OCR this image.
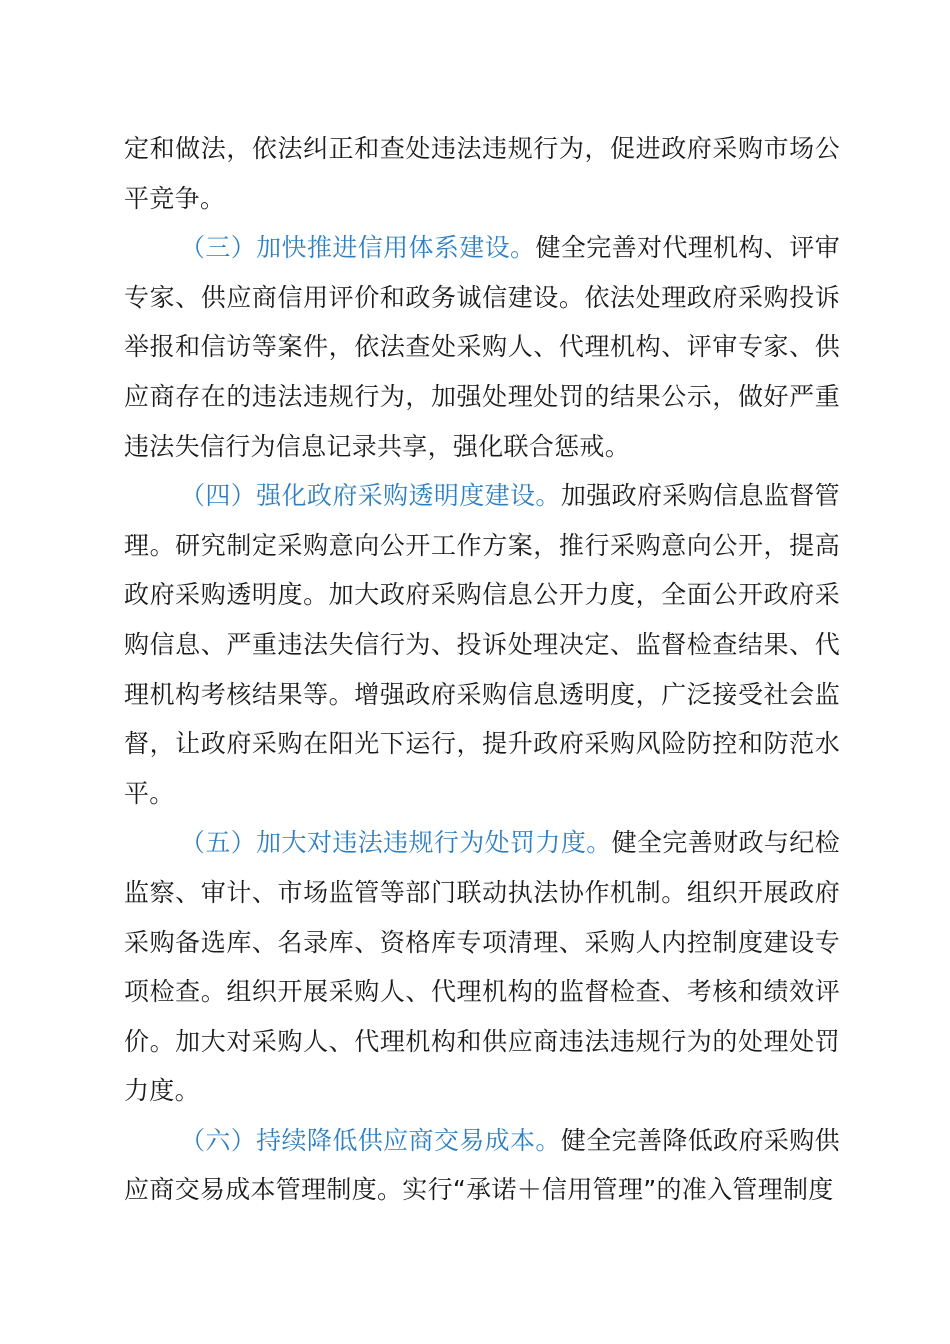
定和做法，依法纠正和查处违法违规行为，促进政府采购市场公平竞争。

（三）加快推进信用体系建设。健全完善对代理机构、评审专家、供应商信用评价和政务诚信建设。依法处理政府采购投诉举报和信访等案件，依法查处采购人、代理机构、评审专家、供应商存在的违法违规行为，加强处理处罚的结果公示，做好严重违法失信行为信息记录共享，强化联合惩戒。

（四）强化政府采购透明度建设。加强政府采购信息监督管理。研究制定采购意向公开工作方案，推行采购意向公开，提高政府采购透明度。加大政府采购信息公开力度，全面公开政府采购信息、严重违法失信行为、投诉处理决定、监督检查结果、代理机构考核结果等。增强政府采购信息透明度，广泛接受社会监督，让政府采购在阳光下运行，提升政府采购风险防控和防范水平。

（五）加大对违法违规行为处罚力度。健全完善财政与纪检监察、审计、市场监管等部门联动执法协作机制。组织开展政府采购备选库、名录库、资格库专项清理、采购人内控制度建设专项检查。组织开展采购人、代理机构的监督检查、考核和绩效评价。加大对采购人、代理机构和供应商违法违规行为的处理处罚力度。

（六）持续降低供应商交易成本。健全完善降低政府采购供应商交易成本管理制度。实行“承诺＋信用管理”的准入管理制度
